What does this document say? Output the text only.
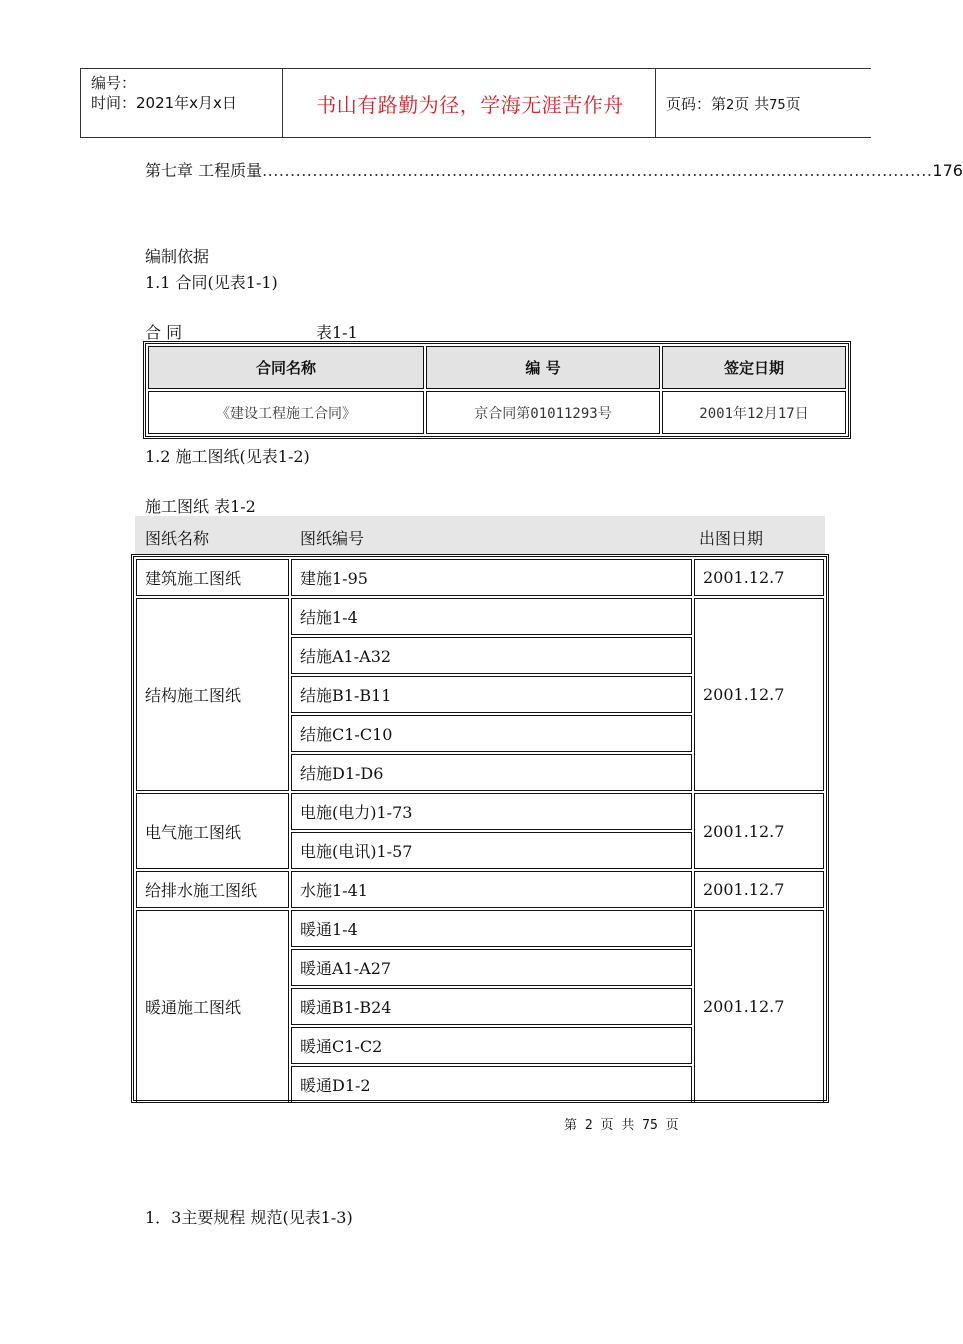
编号：
时间：2021年x月x日	书山有路勤为径，学海无涯苦作舟	页码：第2页 共75页
第七章 工程质量 ........................................................................................................................ 176
编制依据
1.1 合同(见表1-1)
合 同	表1-1
合同名称	编 号	签定日期
《建设工程施工合同》	京合同第01011293号	2001年12月17日
1.2 施工图纸(见表1-2)
施工图纸 表1-2
图纸名称	图纸编号	出图日期
建筑施工图纸	建施1-95	2001.12.7
结构施工图纸	结施1-4	2001.12.7
	结施A1-A32	
	结施B1-B11	
	结施C1-C10	
	结施D1-D6	
电气施工图纸	电施(电力)1-73	2001.12.7
	电施(电讯)1-57	
给排水施工图纸	水施1-41	2001.12.7
暖通施工图纸	暖通1-4	2001.12.7
	暖通A1-A27	
	暖通B1-B24	
	暖通C1-C2	
	暖通D1-2	
第 2 页 共 75 页
1．3主要规程 规范(见表1-3)
